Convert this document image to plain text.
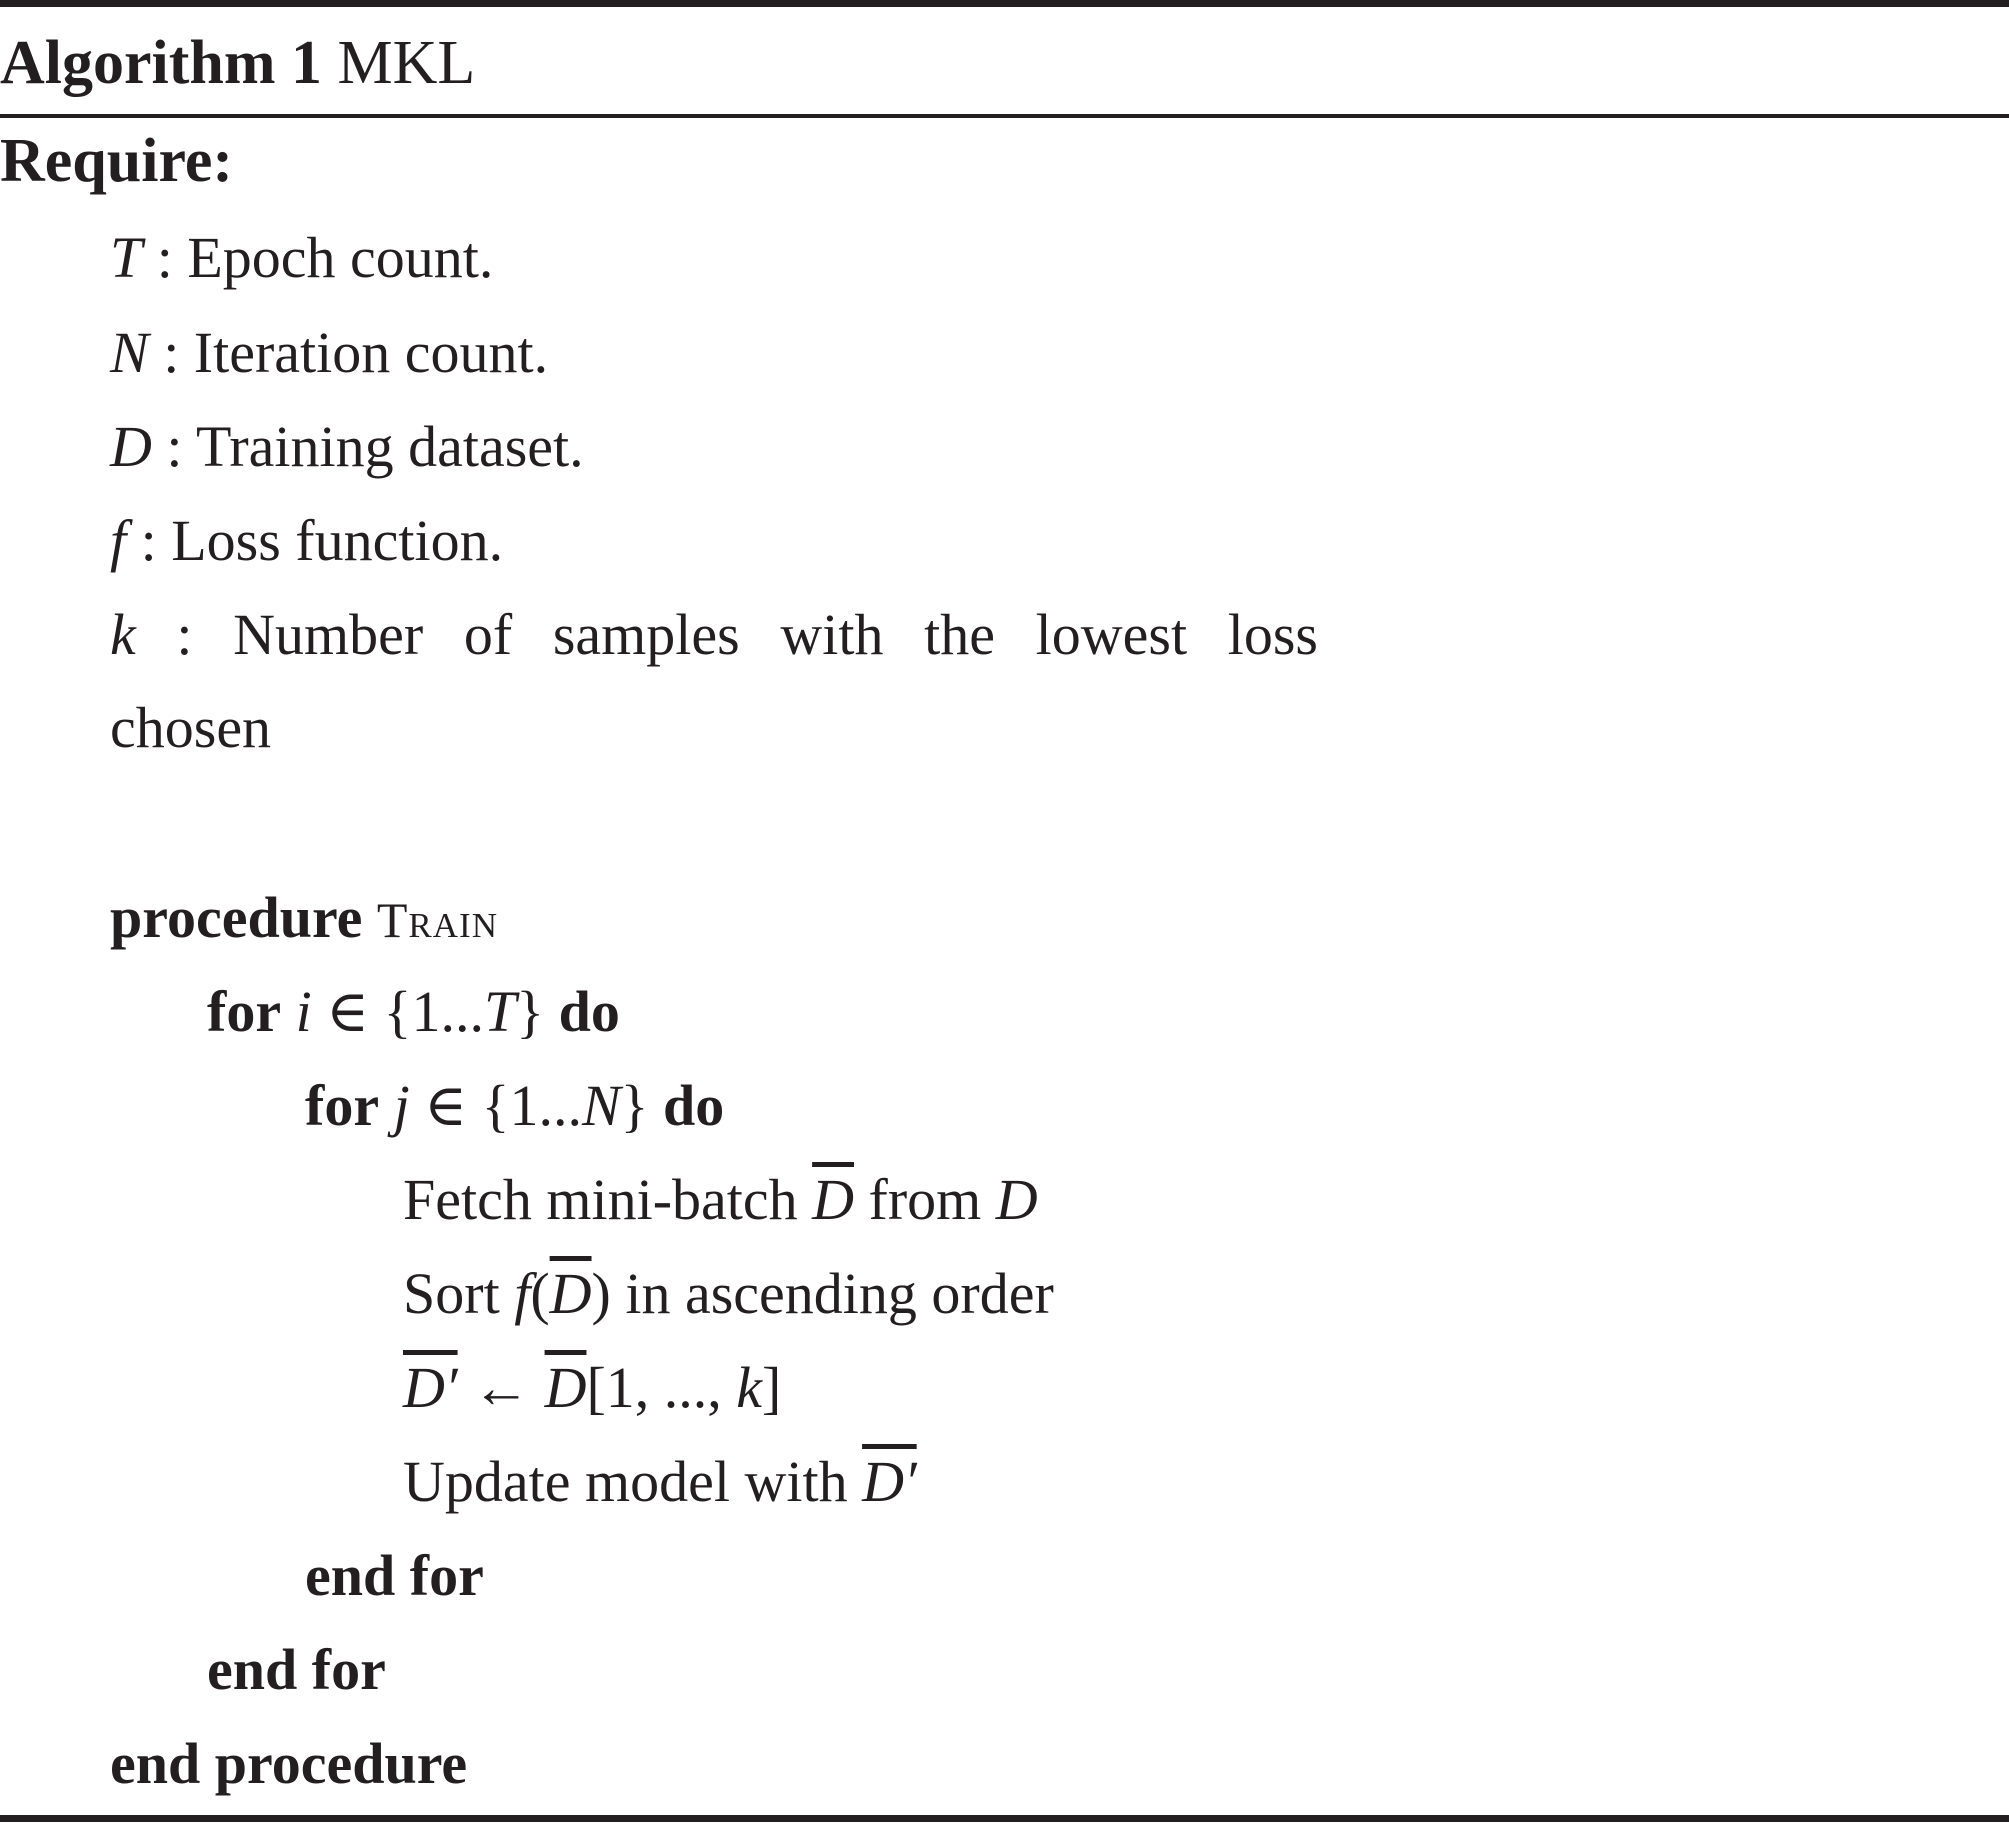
Algorithm 1 MKL
Require:
T : Epoch count.
N : Iteration count.
D : Training dataset.
f : Loss function.
k : Number of samples with the lowest loss
chosen
procedure Train
for i ∈ {1...T} do
for j ∈ {1...N} do
Fetch mini-batch $\overline{D}$ from D
Sort $f(\overline{D})$ in ascending order
D′ ← $\overline{D}[1$, ..., k]
Update model with D′
end for
end for
end procedure
